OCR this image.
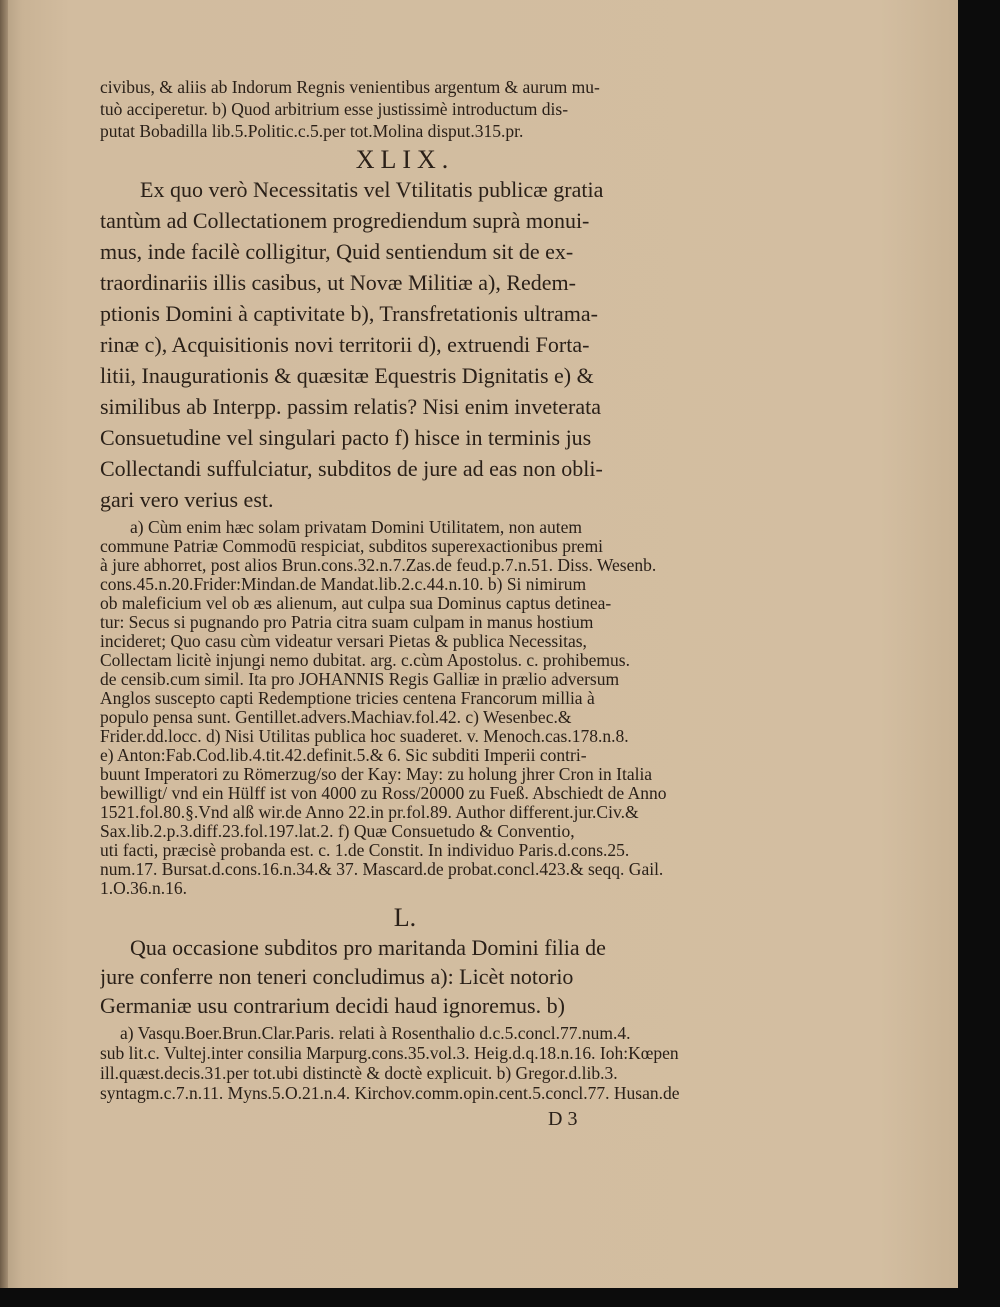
civibus, & aliis ab Indorum Regnis venientibus argentum & aurum mu-
tuò acciperetur. b) Quod arbitrium esse justissimè introductum dis-
putat Bobadilla lib.5.Politic.c.5.per tot.Molina disput.315.pr.
XLIX.
Ex quo verò Necessitatis vel Vtilitatis publicæ gratia
tantùm ad Collectationem progrediendum suprà monui-
mus, inde facilè colligitur, Quid sentiendum sit de ex-
traordinariis illis casibus, ut Novæ Militiæ a), Redem-
ptionis Domini à captivitate b), Transfretationis ultrama-
rinæ c), Acquisitionis novi territorii d), extruendi Forta-
litii, Inaugurationis & quæsitæ Equestris Dignitatis e) &
similibus ab Interpp. passim relatis? Nisi enim inveterata
Consuetudine vel singulari pacto f) hisce in terminis jus
Collectandi suffulciatur, subditos de jure ad eas non obli-
gari vero verius est.
a) Cùm enim hæc solam privatam Domini Utilitatem, non autem
commune Patriæ Commodū respiciat, subditos superexactionibus premi
à jure abhorret, post alios Brun.cons.32.n.7.Zas.de feud.p.7.n.51. Diss. Wesenb.
cons.45.n.20.Frider:Mindan.de Mandat.lib.2.c.44.n.10. b) Si nimirum
ob maleficium vel ob æs alienum, aut culpa sua Dominus captus detinea-
tur: Secus si pugnando pro Patria citra suam culpam in manus hostium
incideret; Quo casu cùm videatur versari Pietas & publica Necessitas,
Collectam licitè injungi nemo dubitat. arg. c.cùm Apostolus. c. prohibemus.
de censib.cum simil. Ita pro JOHANNIS Regis Galliæ in prælio adversum
Anglos suscepto capti Redemptione tricies centena Francorum millia à
populo pensa sunt. Gentillet.advers.Machiav.fol.42. c) Wesenbec.&
Frider.dd.locc. d) Nisi Utilitas publica hoc suaderet. v. Menoch.cas.178.n.8.
e) Anton:Fab.Cod.lib.4.tit.42.definit.5.& 6. Sic subditi Imperii contri-
buunt Imperatori zu Römerzug/so der Kay: May: zu holung jhrer Cron in Italia
bewilligt/ vnd ein Hülff ist von 4000 zu Ross/20000 zu Fueß. Abschiedt de Anno
1521.fol.80.§.Vnd alß wir.de Anno 22.in pr.fol.89. Author different.jur.Civ.&
Sax.lib.2.p.3.diff.23.fol.197.lat.2. f) Quæ Consuetudo & Conventio,
uti facti, præcisè probanda est. c. 1.de Constit. In individuo Paris.d.cons.25.
num.17. Bursat.d.cons.16.n.34.& 37. Mascard.de probat.concl.423.& seqq. Gail.
1.O.36.n.16.
L.
Qua occasione subditos pro maritanda Domini filia de
jure conferre non teneri concludimus a): Licèt notorio
Germaniæ usu contrarium decidi haud ignoremus. b)
a) Vasqu.Boer.Brun.Clar.Paris. relati à Rosenthalio d.c.5.concl.77.num.4.
sub lit.c. Vultej.inter consilia Marpurg.cons.35.vol.3. Heig.d.q.18.n.16. Ioh:Kœpen
ill.quæst.decis.31.per tot.ubi distinctè & doctè explicuit. b) Gregor.d.lib.3.
syntagm.c.7.n.11. Myns.5.O.21.n.4. Kirchov.comm.opin.cent.5.concl.77. Husan.de
D 3
